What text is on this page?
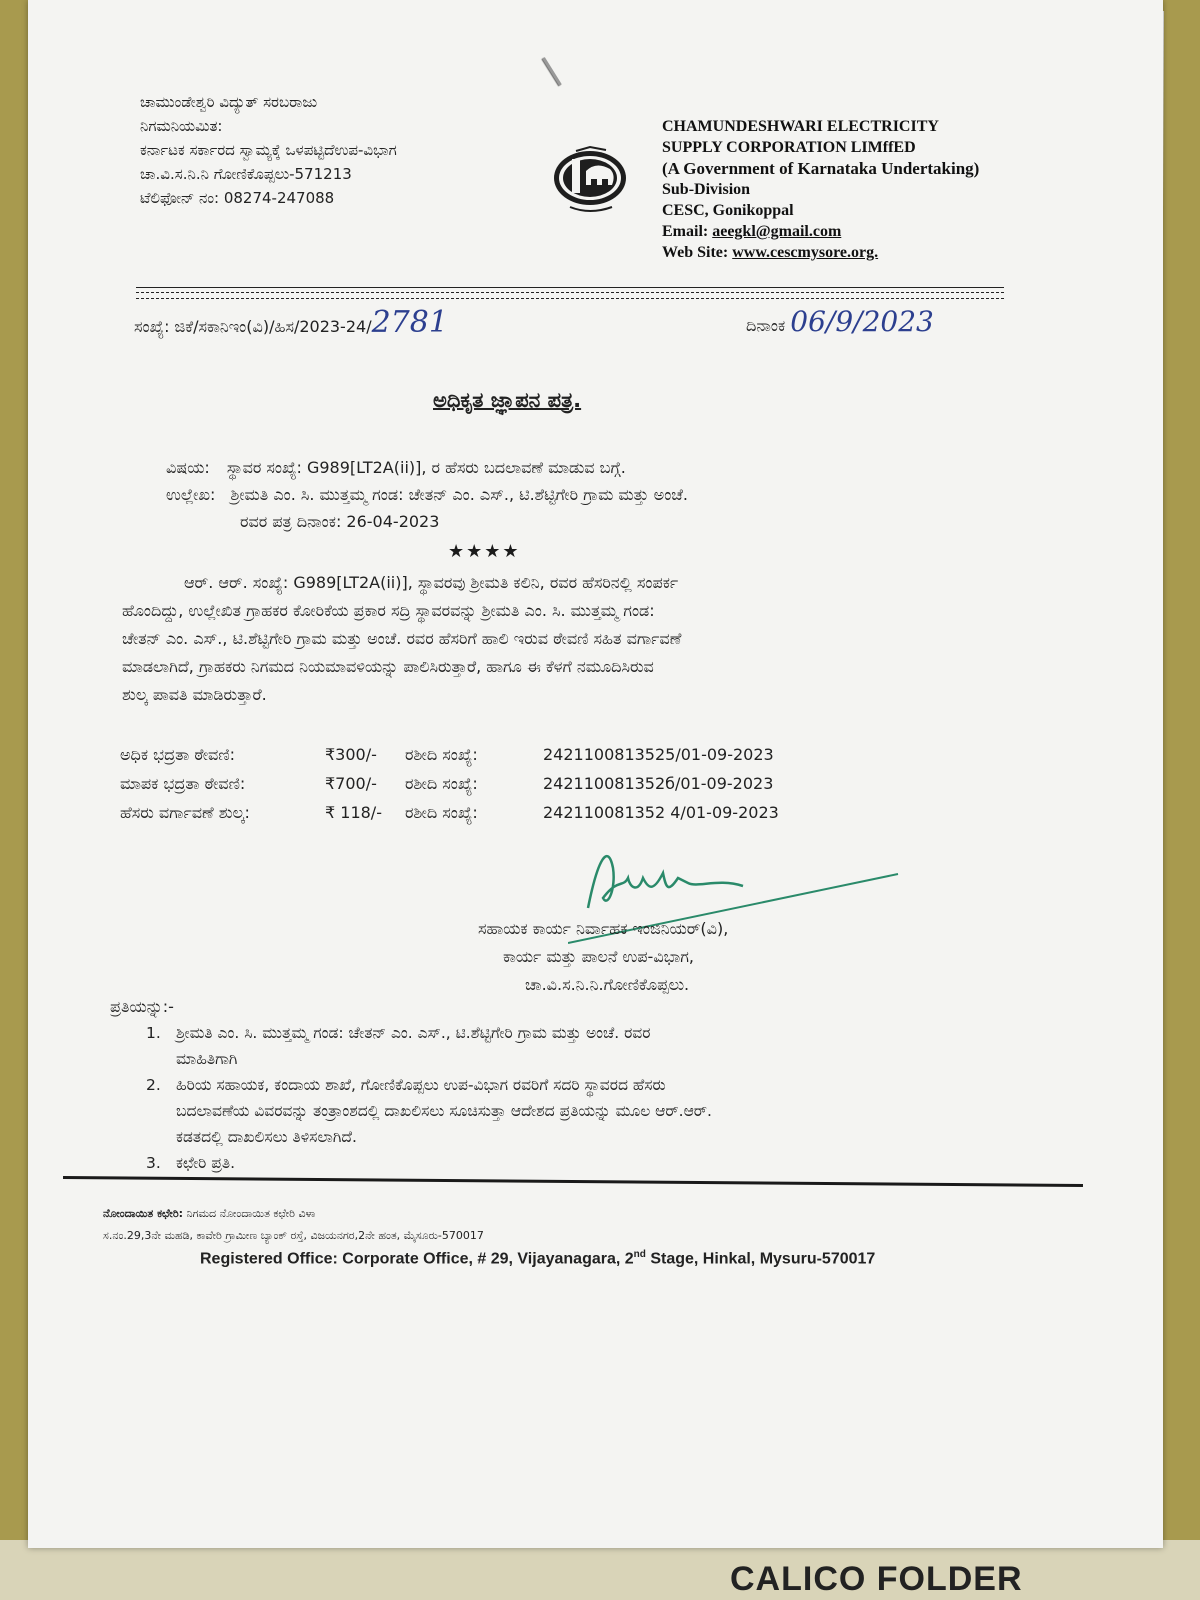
CALICO FOLDER
ಚಾಮುಂಡೇಶ್ವರಿ ವಿದ್ಯುತ್ ಸರಬರಾಜು
ನಿಗಮನಿಯಮಿತ:
ಕರ್ನಾಟಕ ಸರ್ಕಾರದ ಸ್ವಾಮ್ಯಕ್ಕೆ ಒಳಪಟ್ಟಿದೆಉಪ-ವಿಭಾಗ
ಚಾ.ವಿ.ಸ.ನಿ.ನಿ ಗೋಣಿಕೊಪ್ಪಲು-571213
ಟೆಲಿಫೋನ್ ನಂ: 08274-247088
CHAMUNDESHWARI ELECTRICITY
SUPPLY CORPORATION LIMffED
(A Government of Karnataka Undertaking)
Sub-Division
CESC, Gonikoppal
Email: aeegkl@gmail.com
Web Site: www.cescmysore.org.
ಸಂಖ್ಯೆ: ಜಿಕೆ/ಸಕಾನಿಇಂ(ವಿ)/ಹಿಸ/2023-24/2781	ದಿನಾಂಕ 06/9/2023
ಅಧಿಕೃತ ಜ್ಞಾಪನ ಪತ್ರ.
ವಿಷಯ: ಸ್ಥಾವರ ಸಂಖ್ಯೆ: G989[LT2A(ii)], ರ ಹೆಸರು ಬದಲಾವಣೆ ಮಾಡುವ ಬಗ್ಗೆ.
ಉಲ್ಲೇಖ: ಶ್ರೀಮತಿ ಎಂ. ಸಿ. ಮುತ್ತಮ್ಮ ಗಂಡ: ಚೇತನ್ ಎಂ. ಎಸ್., ಟಿ.ಶೆಟ್ಟಿಗೇರಿ ಗ್ರಾಮ ಮತ್ತು ಅಂಚೆ.
ರವರ ಪತ್ರ ದಿನಾಂಕ: 26-04-2023
★★★★
ಆರ್. ಆರ್. ಸಂಖ್ಯೆ: G989[LT2A(ii)], ಸ್ಥಾವರವು ಶ್ರೀಮತಿ ಕಲಿನಿ, ರವರ ಹೆಸರಿನಲ್ಲಿ ಸಂಪರ್ಕ
ಹೊಂದಿದ್ದು, ಉಲ್ಲೇಖಿತ ಗ್ರಾಹಕರ ಕೋರಿಕೆಯ ಪ್ರಕಾರ ಸದ್ರಿ ಸ್ಥಾವರವನ್ನು ಶ್ರೀಮತಿ ಎಂ. ಸಿ. ಮುತ್ತಮ್ಮ ಗಂಡ:
ಚೇತನ್ ಎಂ. ಎಸ್., ಟಿ.ಶೆಟ್ಟಿಗೇರಿ ಗ್ರಾಮ ಮತ್ತು ಅಂಚೆ. ರವರ ಹೆಸರಿಗೆ ಹಾಲಿ ಇರುವ ಠೇವಣಿ ಸಹಿತ ವರ್ಗಾವಣೆ
ಮಾಡಲಾಗಿದೆ, ಗ್ರಾಹಕರು ನಿಗಮದ ನಿಯಮಾವಳಿಯನ್ನು ಪಾಲಿಸಿರುತ್ತಾರೆ, ಹಾಗೂ ಈ ಕೆಳಗೆ ನಮೂದಿಸಿರುವ
ಶುಲ್ಕ ಪಾವತಿ ಮಾಡಿರುತ್ತಾರೆ.
ಅಧಿಕ ಭದ್ರತಾ ಠೇವಣಿ:	₹300/- ರಶೀದಿ ಸಂಖ್ಯೆ:	2421100813525/01-09-2023
ಮಾಪಕ ಭದ್ರತಾ ಠೇವಣಿ:	₹700/- ರಶೀದಿ ಸಂಖ್ಯೆ:	242110081352б/01-09-2023
ಹೆಸರು ವರ್ಗಾವಣೆ ಶುಲ್ಕ:	₹ 118/- ರಶೀದಿ ಸಂಖ್ಯೆ:	242110081352 4/01-09-2023
ಸಹಾಯಕ ಕಾರ್ಯ ನಿರ್ವಾಹಕ ಇಂಜಿನಿಯರ್(ವಿ),
ಕಾರ್ಯ ಮತ್ತು ಪಾಲನೆ ಉಪ-ವಿಭಾಗ,
ಚಾ.ವಿ.ಸ.ನಿ.ನಿ.ಗೋಣಿಕೊಪ್ಪಲು.
ಪ್ರತಿಯನ್ನು:-
1. ಶ್ರೀಮತಿ ಎಂ. ಸಿ. ಮುತ್ತಮ್ಮ ಗಂಡ: ಚೇತನ್ ಎಂ. ಎಸ್., ಟಿ.ಶೆಟ್ಟಿಗೇರಿ ಗ್ರಾಮ ಮತ್ತು ಅಂಚೆ. ರವರ
ಮಾಹಿತಿಗಾಗಿ
2. ಹಿರಿಯ ಸಹಾಯಕ, ಕಂದಾಯ ಶಾಖೆ, ಗೋಣಿಕೊಪ್ಪಲು ಉಪ-ವಿಭಾಗ ರವರಿಗೆ ಸದರಿ ಸ್ಥಾವರದ ಹೆಸರು
ಬದಲಾವಣೆಯ ವಿವರವನ್ನು ತಂತ್ರಾಂಶದಲ್ಲಿ ದಾಖಲಿಸಲು ಸೂಚಿಸುತ್ತಾ ಆದೇಶದ ಪ್ರತಿಯನ್ನು ಮೂಲ ಆರ್.ಆರ್.
ಕಡತದಲ್ಲಿ ದಾಖಲಿಸಲು ತಿಳಿಸಲಾಗಿದೆ.
3. ಕಛೇರಿ ಪ್ರತಿ.
ನೋಂದಾಯಿತ ಕಛೇರಿ: ನಿಗಮದ ನೋಂದಾಯಿತ ಕಛೇರಿ ವಿಳಾ
ಸ.ನಂ.29,3ನೇ ಮಹಡಿ, ಕಾವೇರಿ ಗ್ರಾಮೀಣ ಬ್ಯಾಂಕ್ ರಸ್ತೆ, ವಿಜಯನಗರ,2ನೇ ಹಂತ, ಮೈಸೂರು-570017
Registered Office: Corporate Office, # 29, Vijayanagara, 2nd Stage, Hinkal, Mysuru-570017
